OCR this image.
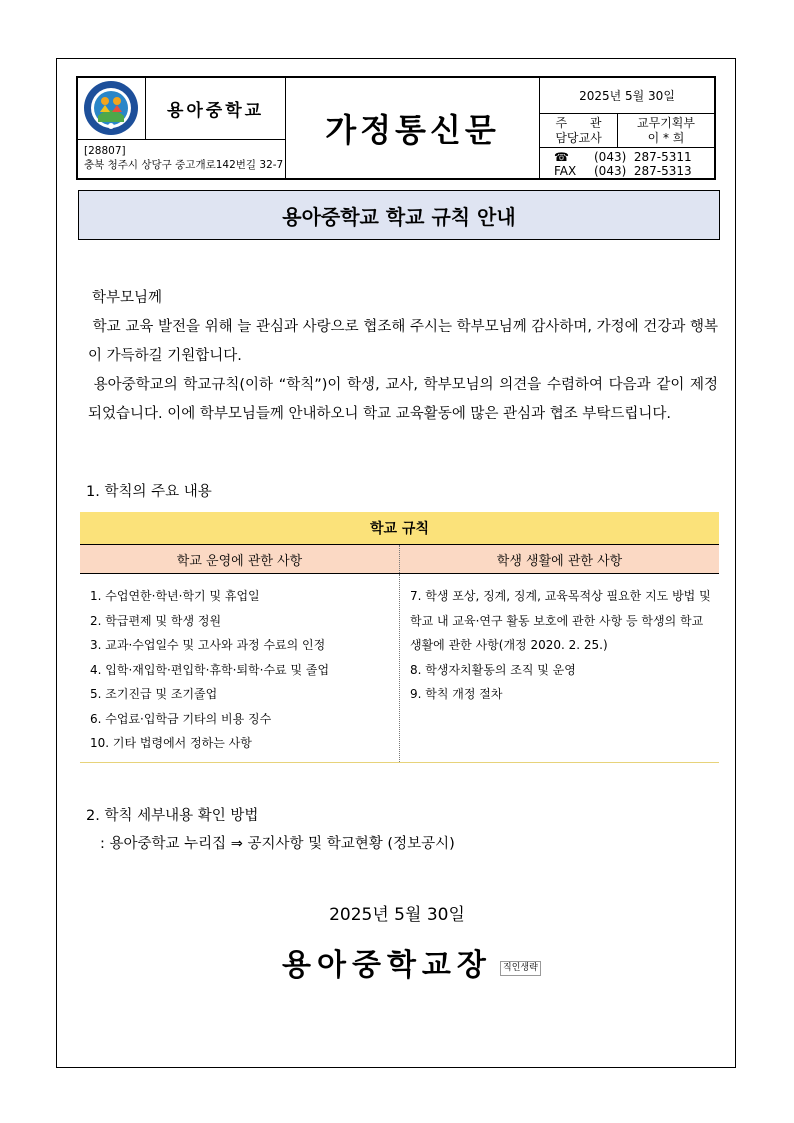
용아중학교
[28807]
충북 청주시 상당구 중고개로142번길 32-7
가정통신문
2025년 5월 30일
주      관
담당교사
교무기획부
이 * 희
☎ (043)  287-5311
FAX (043)  287-5313
용아중학교 학교 규칙 안내

학부모님께

학교 교육 발전을 위해 늘 관심과 사랑으로 협조해 주시는 학부모님께 감사하며, 가정에 건강과 행복이 가득하길 기원합니다.

용아중학교의 학교규칙(이하 “학칙”)이 학생, 교사, 학부모님의 의견을 수렴하여 다음과 같이 제정되었습니다. 이에 학부모님들께 안내하오니 학교 교육활동에 많은 관심과 협조 부탁드립니다.

1. 학칙의 주요 내용
학교 규칙
학교 운영에 관한 사항	학생 생활에 관한 사항
1. 수업연한·학년·학기 및 휴업일
2. 학급편제 및 학생 정원
3. 교과·수업일수 및 고사와 과정 수료의 인정
4. 입학·재입학·편입학·휴학·퇴학·수료 및 졸업
5. 조기진급 및 조기졸업
6. 수업료·입학금 기타의 비용 징수
10. 기타 법령에서 정하는 사항
7. 학생 포상, 징계, 징계, 교육목적상 필요한 지도 방법 및 학교 내 교육·연구 활동 보호에 관한 사항 등 학생의 학교생활에 관한 사항(개정 2020. 2. 25.)
8. 학생자치활동의 조직 및 운영
9. 학칙 개정 절차
2. 학칙 세부내용 확인 방법
: 용아중학교 누리집 ⇒ 공지사항 및 학교현황 (정보공시)
2025년 5월 30일
용아중학교장	직인생략
